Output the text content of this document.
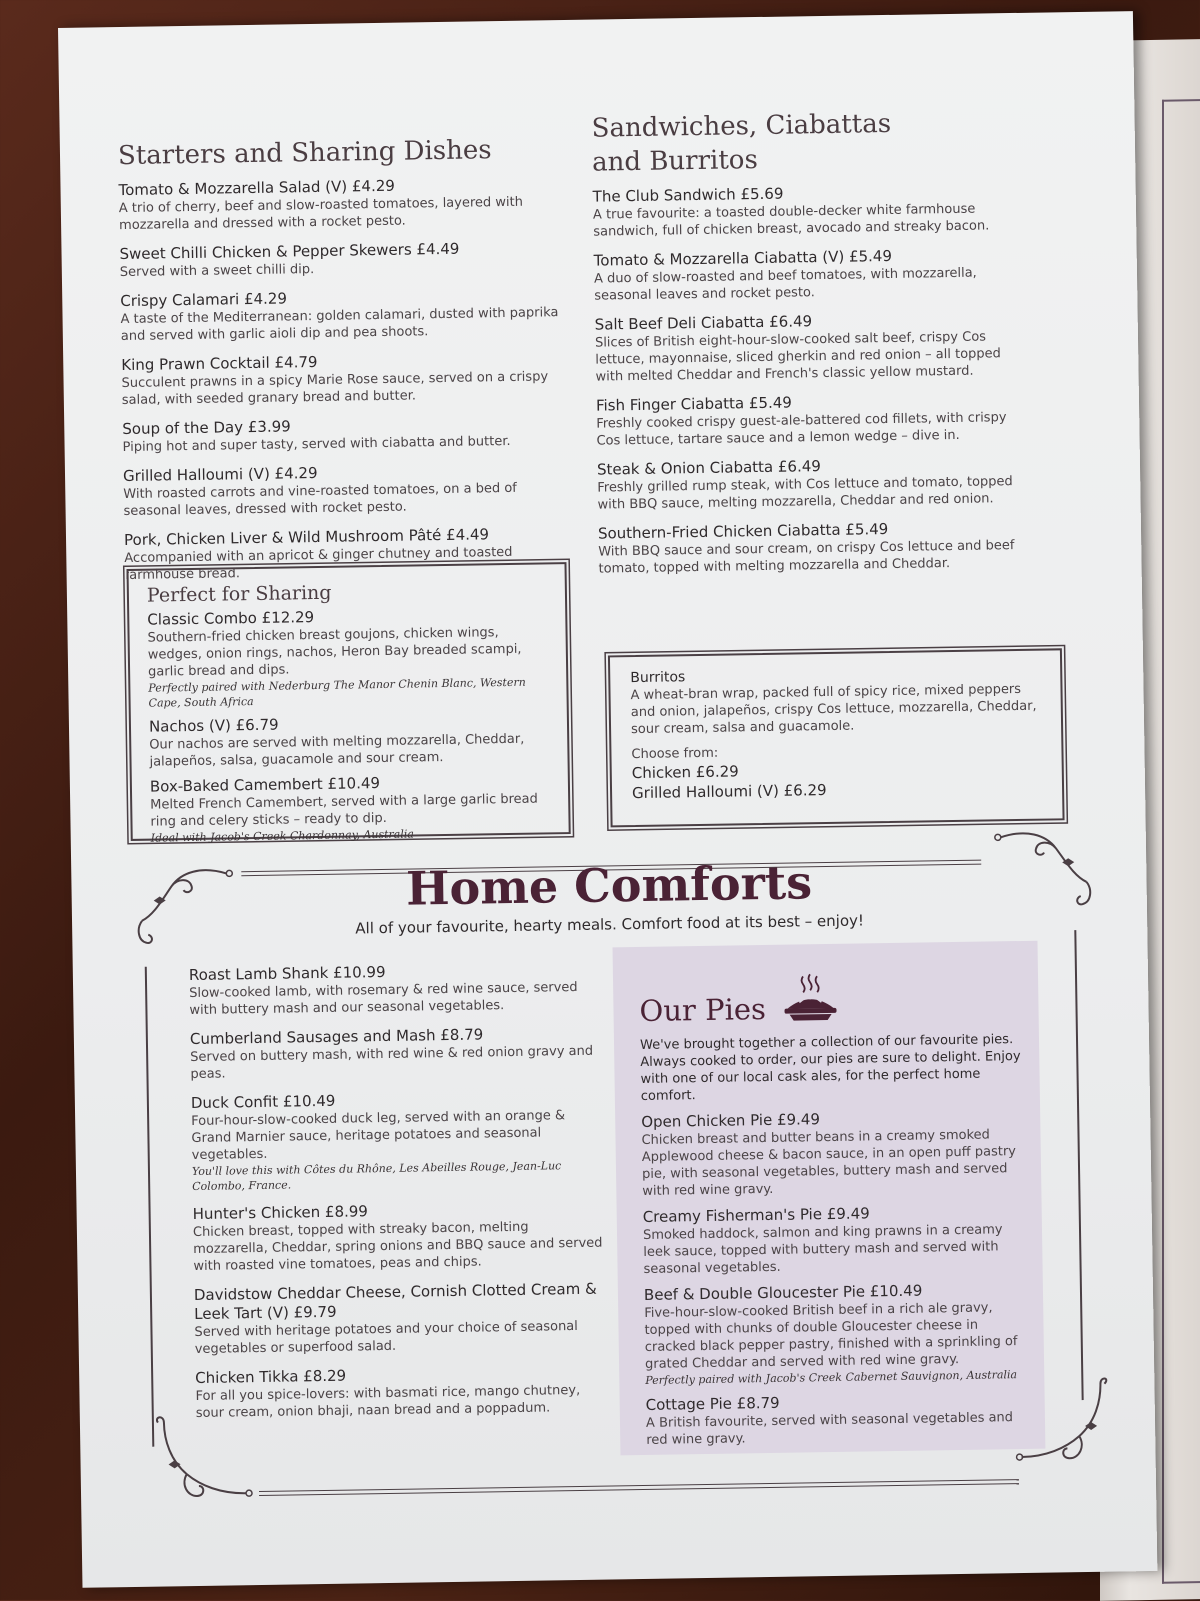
Starters and Sharing Dishes
Tomato & Mozzarella Salad (V) £4.29
A trio of cherry, beef and slow-roasted tomatoes, layered with mozzarella and dressed with a rocket pesto.
Sweet Chilli Chicken & Pepper Skewers £4.49
Served with a sweet chilli dip.
Crispy Calamari £4.29
A taste of the Mediterranean: golden calamari, dusted with paprika and served with garlic aioli dip and pea shoots.
King Prawn Cocktail £4.79
Succulent prawns in a spicy Marie Rose sauce, served on a crispy salad, with seeded granary bread and butter.
Soup of the Day £3.99
Piping hot and super tasty, served with ciabatta and butter.
Grilled Halloumi (V) £4.29
With roasted carrots and vine-roasted tomatoes, on a bed of seasonal leaves, dressed with rocket pesto.
Pork, Chicken Liver & Wild Mushroom Pâté £4.49
Accompanied with an apricot & ginger chutney and toasted farmhouse bread.
Perfect for Sharing
Classic Combo £12.29
Southern-fried chicken breast goujons, chicken wings, wedges, onion rings, nachos, Heron Bay breaded scampi, garlic bread and dips.
Perfectly paired with Nederburg The Manor Chenin Blanc, Western Cape, South Africa
Nachos (V) £6.79
Our nachos are served with melting mozzarella, Cheddar, jalapeños, salsa, guacamole and sour cream.
Box-Baked Camembert £10.49
Melted French Camembert, served with a large garlic bread ring and celery sticks – ready to dip.
Ideal with Jacob's Creek Chardonnay, Australia
Sandwiches, Ciabattas
and Burritos
The Club Sandwich £5.69
A true favourite: a toasted double-decker white farmhouse sandwich, full of chicken breast, avocado and streaky bacon.
Tomato & Mozzarella Ciabatta (V) £5.49
A duo of slow-roasted and beef tomatoes, with mozzarella, seasonal leaves and rocket pesto.
Salt Beef Deli Ciabatta £6.49
Slices of British eight-hour-slow-cooked salt beef, crispy Cos lettuce, mayonnaise, sliced gherkin and red onion – all topped with melted Cheddar and French's classic yellow mustard.
Fish Finger Ciabatta £5.49
Freshly cooked crispy guest-ale-battered cod fillets, with crispy Cos lettuce, tartare sauce and a lemon wedge – dive in.
Steak & Onion Ciabatta £6.49
Freshly grilled rump steak, with Cos lettuce and tomato, topped with BBQ sauce, melting mozzarella, Cheddar and red onion.
Southern-Fried Chicken Ciabatta £5.49
With BBQ sauce and sour cream, on crispy Cos lettuce and beef tomato, topped with melting mozzarella and Cheddar.
Burritos
A wheat-bran wrap, packed full of spicy rice, mixed peppers and onion, jalapeños, crispy Cos lettuce, mozzarella, Cheddar, sour cream, salsa and guacamole.
Choose from:
Chicken £6.29
Grilled Halloumi (V) £6.29
Home Comforts

All of your favourite, hearty meals. Comfort food at its best – enjoy!

Roast Lamb Shank £10.99
Slow-cooked lamb, with rosemary & red wine sauce, served with buttery mash and our seasonal vegetables.
Cumberland Sausages and Mash £8.79
Served on buttery mash, with red wine & red onion gravy and peas.
Duck Confit £10.49
Four-hour-slow-cooked duck leg, served with an orange & Grand Marnier sauce, heritage potatoes and seasonal vegetables.
You'll love this with Côtes du Rhône, Les Abeilles Rouge, Jean-Luc Colombo, France.
Hunter's Chicken £8.99
Chicken breast, topped with streaky bacon, melting mozzarella, Cheddar, spring onions and BBQ sauce and served with roasted vine tomatoes, peas and chips.
Davidstow Cheddar Cheese, Cornish Clotted Cream & Leek Tart (V) £9.79
Served with heritage potatoes and your choice of seasonal vegetables or superfood salad.
Chicken Tikka £8.29
For all you spice-lovers: with basmati rice, mango chutney, sour cream, onion bhaji, naan bread and a poppadum.
Our Pies
We've brought together a collection of our favourite pies. Always cooked to order, our pies are sure to delight. Enjoy with one of our local cask ales, for the perfect home comfort.
Open Chicken Pie £9.49
Chicken breast and butter beans in a creamy smoked Applewood cheese & bacon sauce, in an open puff pastry pie, with seasonal vegetables, buttery mash and served with red wine gravy.
Creamy Fisherman's Pie £9.49
Smoked haddock, salmon and king prawns in a creamy leek sauce, topped with buttery mash and served with seasonal vegetables.
Beef & Double Gloucester Pie £10.49
Five-hour-slow-cooked British beef in a rich ale gravy, topped with chunks of double Gloucester cheese in cracked black pepper pastry, finished with a sprinkling of grated Cheddar and served with red wine gravy.
Perfectly paired with Jacob's Creek Cabernet Sauvignon, Australia
Cottage Pie £8.79
A British favourite, served with seasonal vegetables and red wine gravy.
